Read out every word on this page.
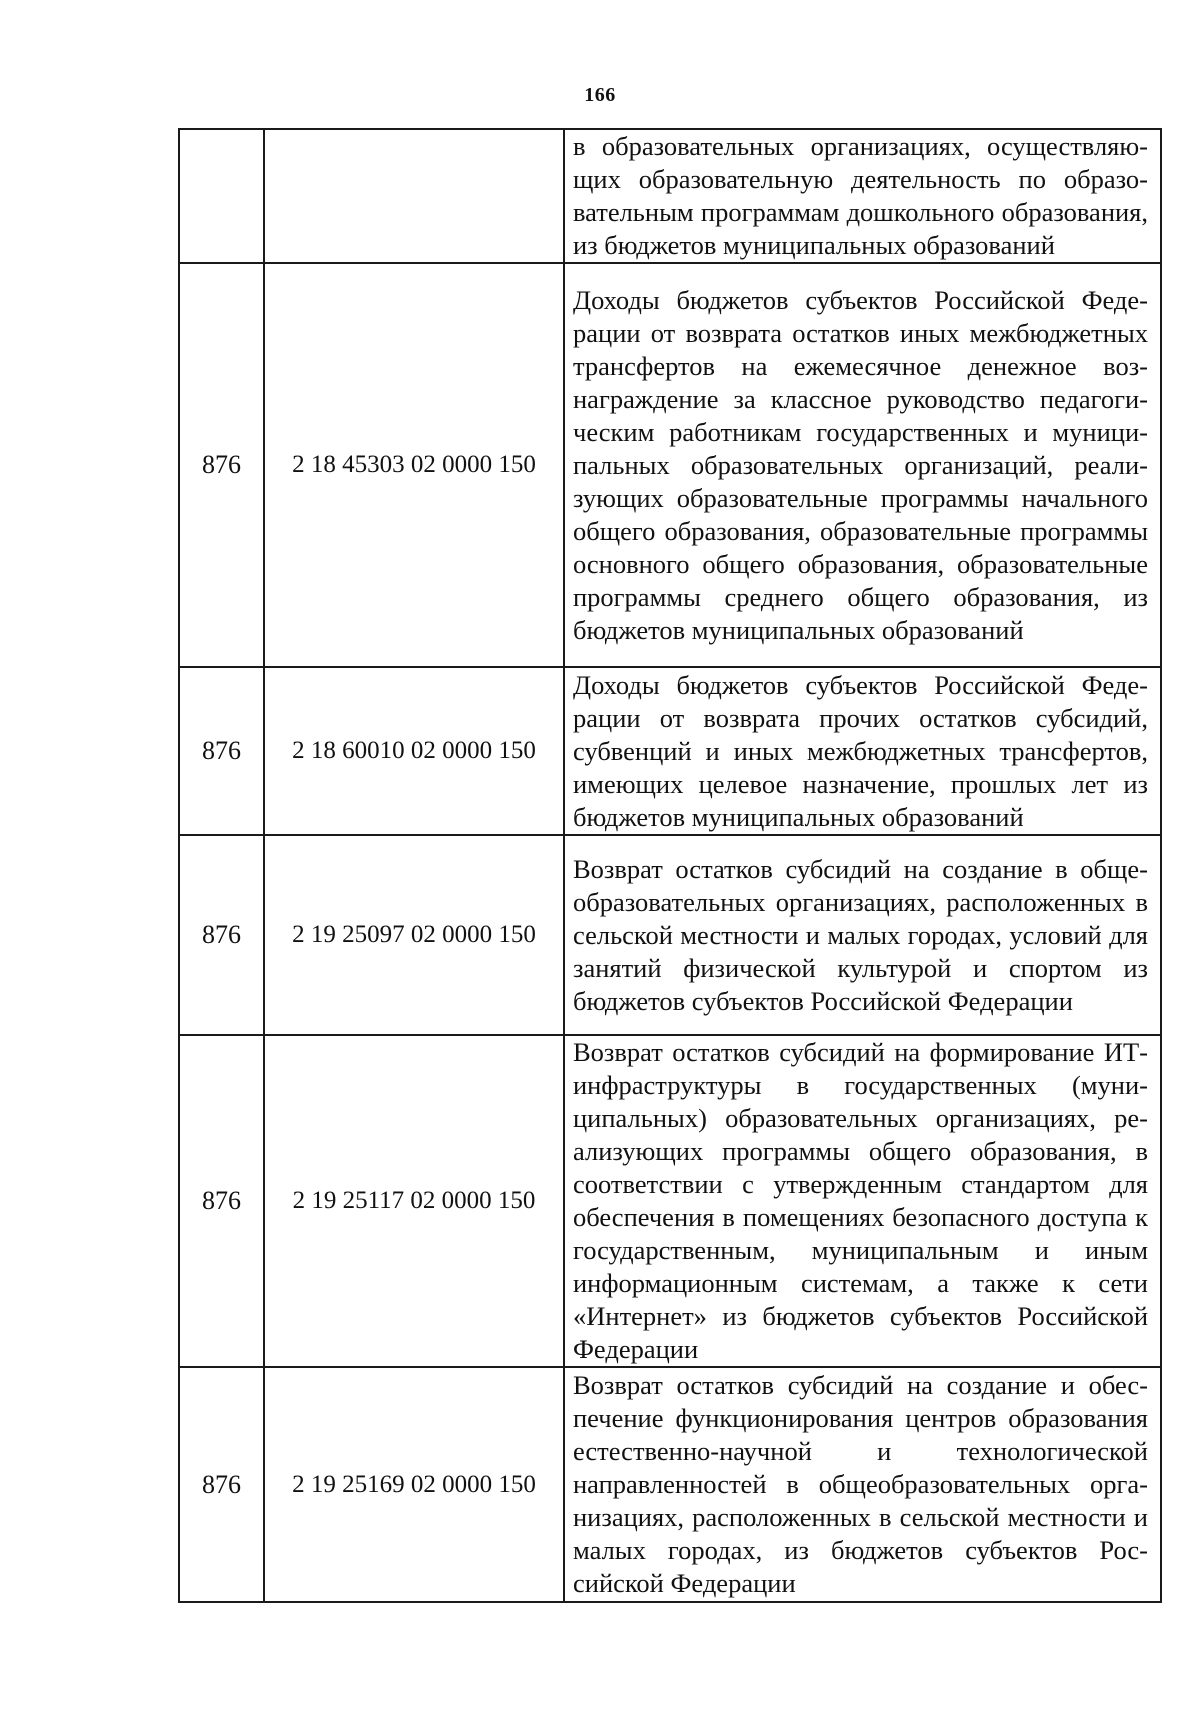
166
		в образовательных организациях, осуществляющих образовательную деятельность по образовательным программам дошкольного образования, из бюджетов муниципальных образований
876	2 18 45303 02 0000 150	Доходы бюджетов субъектов Российской Федерации от возврата остатков иных межбюджетных трансфертов на ежемесячное денежное вознаграждение за классное руководство педагогическим работникам государственных и муниципальных образовательных организаций, реализующих образовательные программы начального общего образования, образовательные программы основного общего образования, образовательные программы среднего общего образования, из бюджетов муниципальных образований
876	2 18 60010 02 0000 150	Доходы бюджетов субъектов Российской Федерации от возврата прочих остатков субсидий, субвенций и иных межбюджетных трансфертов, имеющих целевое назначение, прошлых лет из бюджетов муниципальных образований
876	2 19 25097 02 0000 150	Возврат остатков субсидий на создание в общеобразовательных организациях, расположенных в сельской местности и малых городах, условий для занятий физической культурой и спортом из бюджетов субъектов Российской Федерации
876	2 19 25117 02 0000 150	Возврат остатков субсидий на формирование ИТ-инфраструктуры в государственных (муниципальных) образовательных организациях, реализующих программы общего образования, в соответствии с утвержденным стандартом для обеспечения в помещениях безопасного доступа к государственным, муниципальным и иным информационным системам, а также к сети «Интернет» из бюджетов субъектов Российской Федерации
876	2 19 25169 02 0000 150	Возврат остатков субсидий на создание и обеспечение функционирования центров образования естественно-научной и технологической направленностей в общеобразовательных организациях, расположенных в сельской местности и малых городах, из бюджетов субъектов Российской Федерации
